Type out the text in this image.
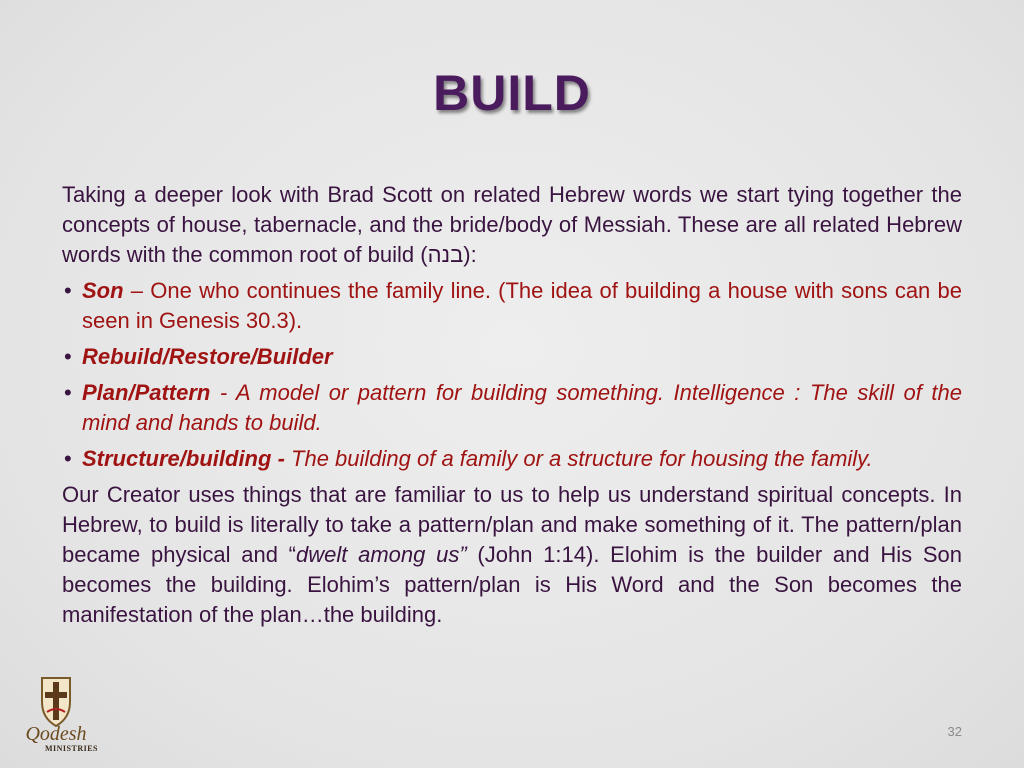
BUILD

Taking a deeper look with Brad Scott on related Hebrew words we start tying together the concepts of house, tabernacle, and the bride/body of Messiah. These are all related Hebrew words with the common root of build (בנה):

• Son – One who continues the family line. (The idea of building a house with sons can be seen in Genesis 30.3).
• Rebuild/Restore/Builder
• Plan/Pattern - A model or pattern for building something. Intelligence : The skill of the mind and hands to build.
• Structure/building - The building of a family or a structure for housing the family.

Our Creator uses things that are familiar to us to help us understand spiritual concepts. In Hebrew, to build is literally to take a pattern/plan and make something of it. The pattern/plan became physical and “dwelt among us” (John 1:14). Elohim is the builder and His Son becomes the building. Elohim’s pattern/plan is His Word and the Son becomes the manifestation of the plan…the building.

32
Qodesh
MINISTRIES
